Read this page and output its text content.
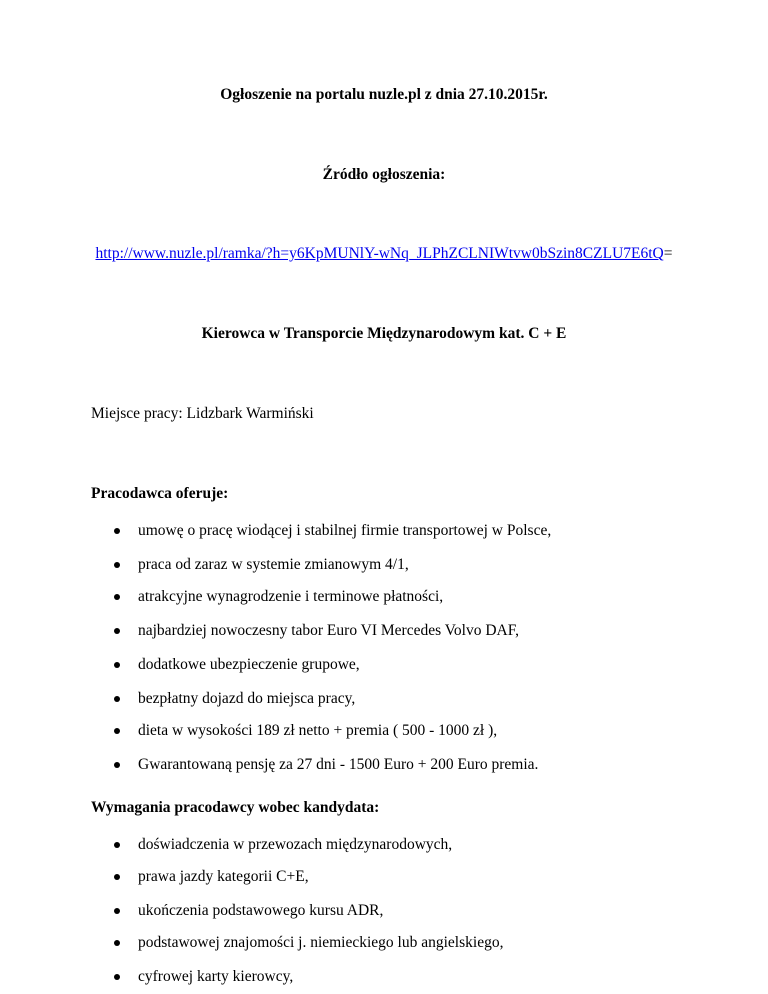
Ogłoszenie na portalu nuzle.pl z dnia 27.10.2015r.
Źródło ogłoszenia:
http://www.nuzle.pl/ramka/?h=y6KpMUNlY-wNq_JLPhZCLNIWtvw0bSzin8CZLU7E6tQ=
Kierowca w Transporcie Międzynarodowym kat. C + E
Miejsce pracy: Lidzbark Warmiński
Pracodawca oferuje:
umowę o pracę wiodącej i stabilnej firmie transportowej w Polsce,
praca od zaraz w systemie zmianowym 4/1,
atrakcyjne wynagrodzenie i terminowe płatności,
najbardziej nowoczesny tabor Euro VI Mercedes Volvo DAF,
dodatkowe ubezpieczenie grupowe,
bezpłatny dojazd do miejsca pracy,
dieta w wysokości 189 zł netto + premia ( 500 - 1000 zł ),
Gwarantowaną pensję za 27 dni - 1500 Euro + 200 Euro premia.
Wymagania pracodawcy wobec kandydata:
doświadczenia w przewozach międzynarodowych,
prawa jazdy kategorii C+E,
ukończenia podstawowego kursu ADR,
podstawowej znajomości j. niemieckiego lub angielskiego,
cyfrowej karty kierowcy,
